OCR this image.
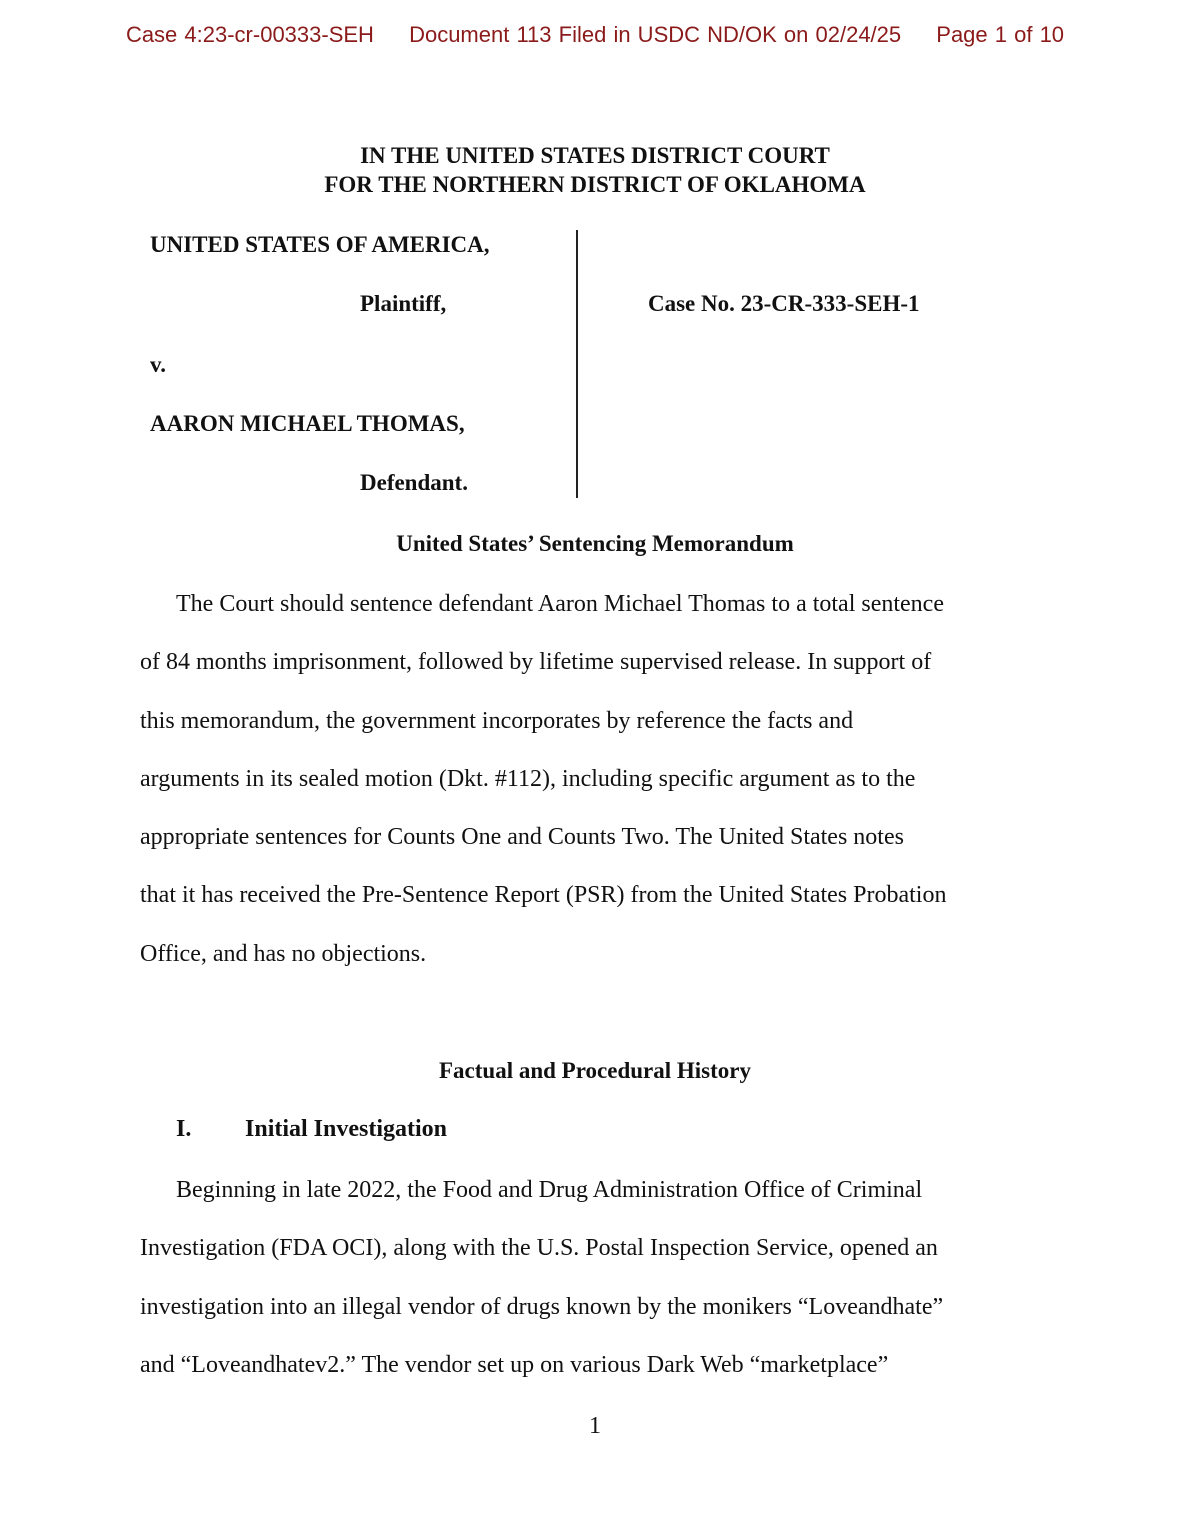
Case 4:23-cr-00333-SEH Document 113 Filed in USDC ND/OK on 02/24/25 Page 1 of 10
IN THE UNITED STATES DISTRICT COURT
FOR THE NORTHERN DISTRICT OF OKLAHOMA
UNITED STATES OF AMERICA,
Plaintiff,
v.
AARON MICHAEL THOMAS,
Defendant.
Case No. 23-CR-333-SEH-1
United States’ Sentencing Memorandum

The Court should sentence defendant Aaron Michael Thomas to a total sentence
of 84 months imprisonment, followed by lifetime supervised release. In support of
this memorandum, the government incorporates by reference the facts and
arguments in its sealed motion (Dkt. #112), including specific argument as to the
appropriate sentences for Counts One and Counts Two. The United States notes
that it has received the Pre-Sentence Report (PSR) from the United States Probation
Office, and has no objections.

Factual and Procedural History
I. Initial Investigation

Beginning in late 2022, the Food and Drug Administration Office of Criminal
Investigation (FDA OCI), along with the U.S. Postal Inspection Service, opened an
investigation into an illegal vendor of drugs known by the monikers “Loveandhate”
and “Loveandhatev2.” The vendor set up on various Dark Web “marketplace”

1
